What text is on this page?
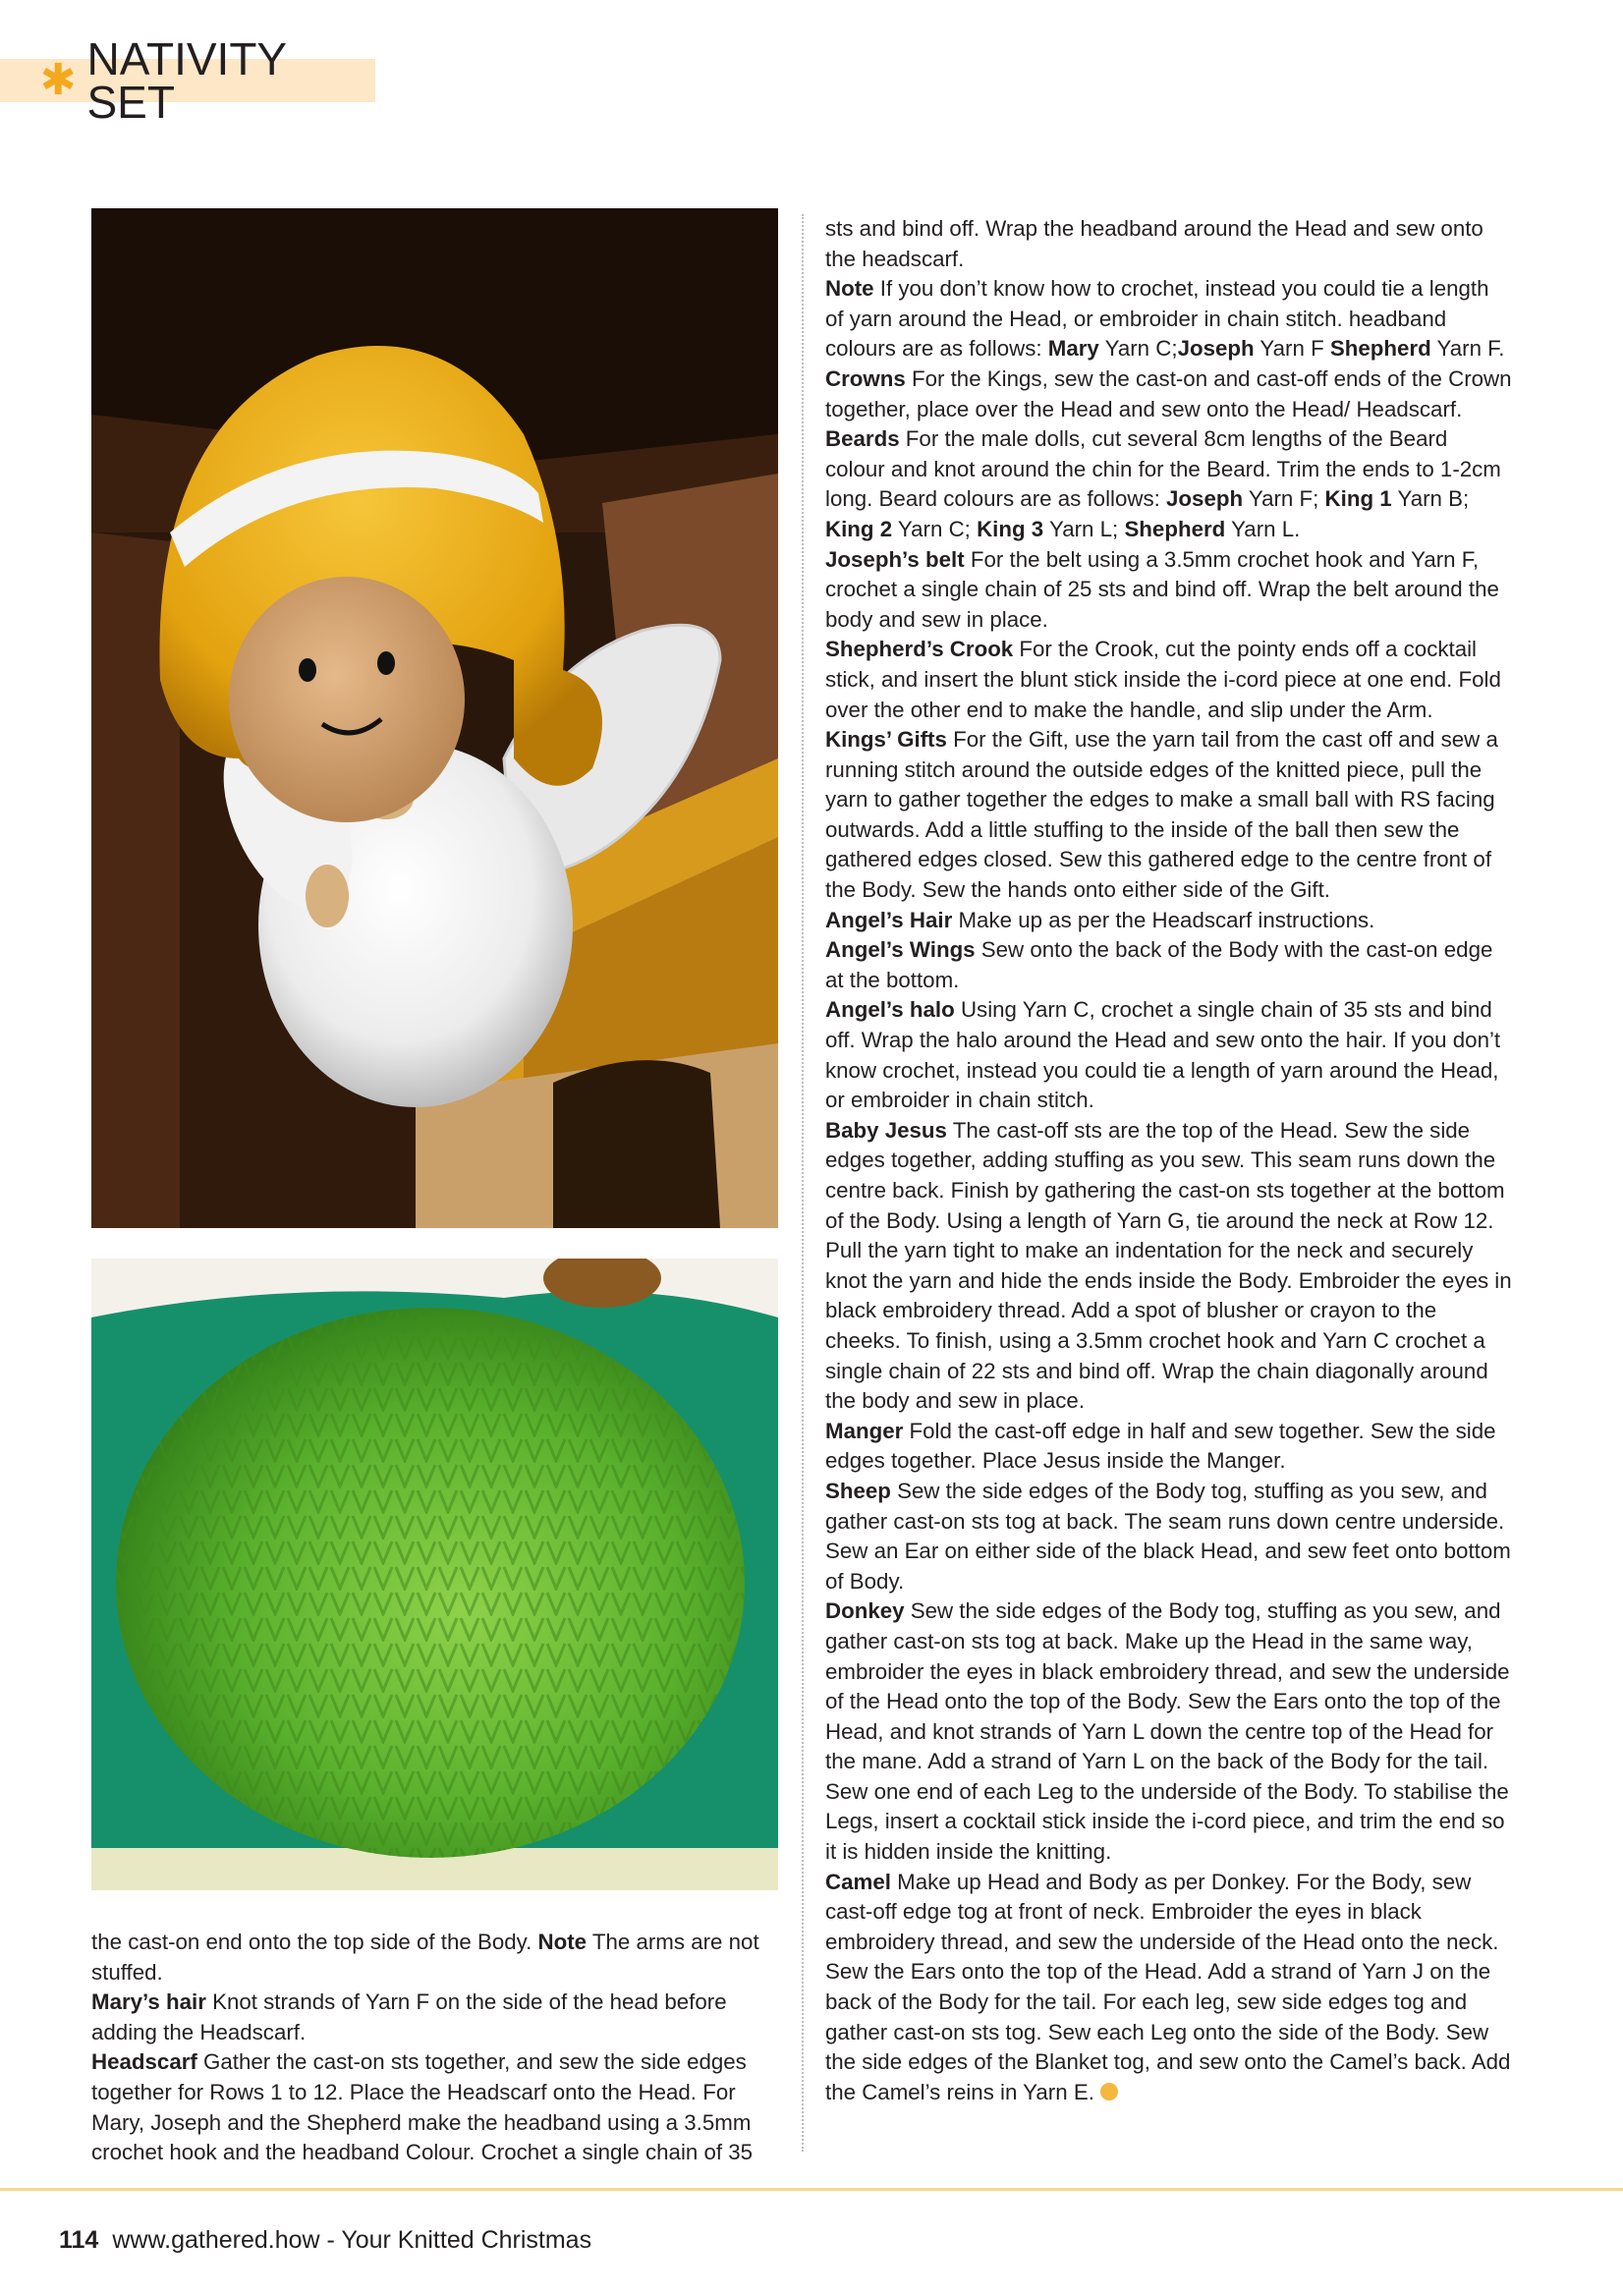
✱ NATIVITY SET

sts and bind off. Wrap the headband around the Head and sew onto the headscarf.

Note If you don’t know how to crochet, instead you could tie a length of yarn around the Head, or embroider in chain stitch. headband colours are as follows: Mary Yarn C;Joseph Yarn F Shepherd Yarn F.

Crowns For the Kings, sew the cast-on and cast-off ends of the Crown together, place over the Head and sew onto the Head/ Headscarf.

Beards For the male dolls, cut several 8cm lengths of the Beard colour and knot around the chin for the Beard. Trim the ends to 1-2cm long. Beard colours are as follows: Joseph Yarn F; King 1 Yarn B; King 2 Yarn C; King 3 Yarn L; Shepherd Yarn L.

Joseph’s belt For the belt using a 3.5mm crochet hook and Yarn F, crochet a single chain of 25 sts and bind off. Wrap the belt around the body and sew in place.

Shepherd’s Crook For the Crook, cut the pointy ends off a cocktail stick, and insert the blunt stick inside the i-cord piece at one end. Fold over the other end to make the handle, and slip under the Arm.

Kings’ Gifts For the Gift, use the yarn tail from the cast off and sew a running stitch around the outside edges of the knitted piece, pull the yarn to gather together the edges to make a small ball with RS facing outwards. Add a little stuffing to the inside of the ball then sew the gathered edges closed. Sew this gathered edge to the centre front of the Body. Sew the hands onto either side of the Gift.

Angel’s Hair Make up as per the Headscarf instructions.

Angel’s Wings Sew onto the back of the Body with the cast-on edge at the bottom.

Angel’s halo Using Yarn C, crochet a single chain of 35 sts and bind off. Wrap the halo around the Head and sew onto the hair. If you don’t know crochet, instead you could tie a length of yarn around the Head, or embroider in chain stitch.

Baby Jesus The cast-off sts are the top of the Head. Sew the side edges together, adding stuffing as you sew. This seam runs down the centre back. Finish by gathering the cast-on sts together at the bottom of the Body. Using a length of Yarn G, tie around the neck at Row 12. Pull the yarn tight to make an indentation for the neck and securely knot the yarn and hide the ends inside the Body. Embroider the eyes in black embroidery thread. Add a spot of blusher or crayon to the cheeks. To finish, using a 3.5mm crochet hook and Yarn C crochet a single chain of 22 sts and bind off. Wrap the chain diagonally around the body and sew in place.

Manger Fold the cast-off edge in half and sew together. Sew the side edges together. Place Jesus inside the Manger.

Sheep Sew the side edges of the Body tog, stuffing as you sew, and gather cast-on sts tog at back. The seam runs down centre underside. Sew an Ear on either side of the black Head, and sew feet onto bottom of Body.

Donkey Sew the side edges of the Body tog, stuffing as you sew, and gather cast-on sts tog at back. Make up the Head in the same way, embroider the eyes in black embroidery thread, and sew the underside of the Head onto the top of the Body. Sew the Ears onto the top of the Head, and knot strands of Yarn L down the centre top of the Head for the mane. Add a strand of Yarn L on the back of the Body for the tail. Sew one end of each Leg to the underside of the Body. To stabilise the Legs, insert a cocktail stick inside the i-cord piece, and trim the end so it is hidden inside the knitting.

Camel Make up Head and Body as per Donkey. For the Body, sew cast-off edge tog at front of neck. Embroider the eyes in black embroidery thread, and sew the underside of the Head onto the neck. Sew the Ears onto the top of the Head. Add a strand of Yarn J on the back of the Body for the tail. For each leg, sew side edges tog and gather cast-on sts tog. Sew each Leg onto the side of the Body. Sew the side edges of the Blanket tog, and sew onto the Camel’s back. Add the Camel’s reins in Yarn E.

the cast-on end onto the top side of the Body. Note The arms are not stuffed.

Mary’s hair Knot strands of Yarn F on the side of the head before adding the Headscarf.

Headscarf Gather the cast-on sts together, and sew the side edges together for Rows 1 to 12. Place the Headscarf onto the Head. For Mary, Joseph and the Shepherd make the headband using a 3.5mm crochet hook and the headband Colour. Crochet a single chain of 35

114 www.gathered.how - Your Knitted Christmas
